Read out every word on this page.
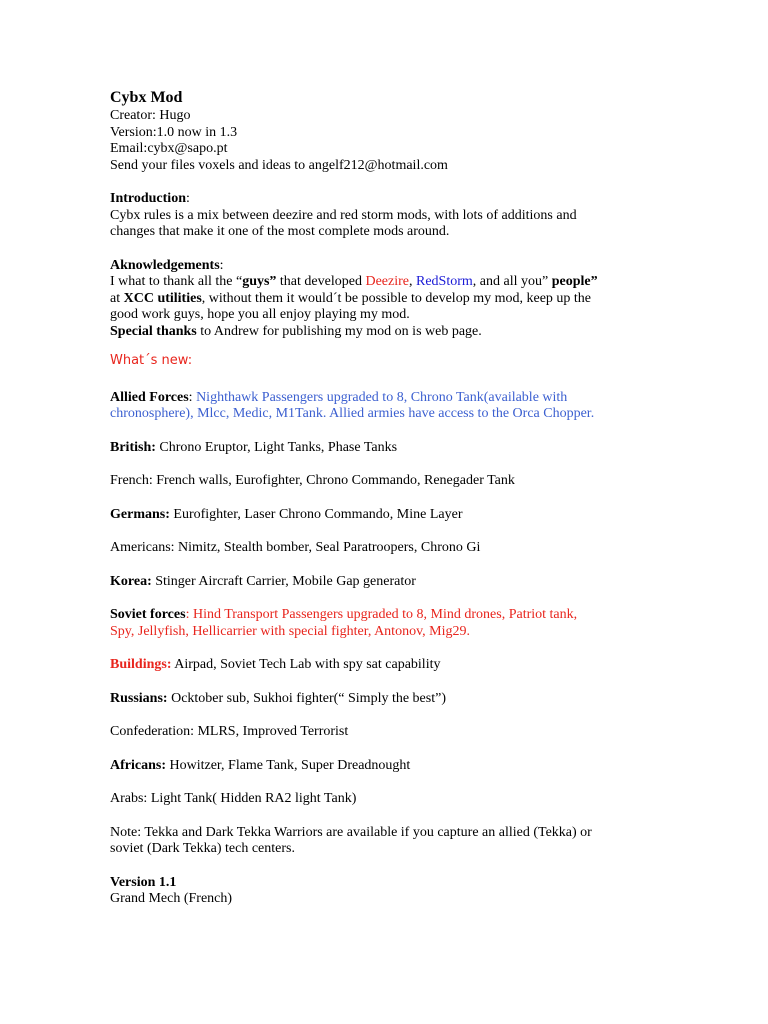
Cybx Mod
Creator: Hugo
Version:1.0 now in 1.3
Email:cybx@sapo.pt
Send your files voxels and ideas to angelf212@hotmail.com
Introduction:
Cybx rules is a mix between deezire and red storm mods, with lots of additions and
changes that make it one of the most complete mods around.
Aknowledgements:
I what to thank all the “guys” that developed Deezire, RedStorm, and all you” people”
at XCC utilities, without them it would´t be possible to develop my mod, keep up the
good work guys, hope you all enjoy playing my mod.
Special thanks to Andrew for publishing my mod on is web page.
What´s new:
Allied Forces: Nighthawk Passengers upgraded to 8, Chrono Tank(available with
chronosphere), Mlcc, Medic, M1Tank. Allied armies have access to the Orca Chopper.
British: Chrono Eruptor, Light Tanks, Phase Tanks
French: French walls, Eurofighter, Chrono Commando, Renegader Tank
Germans: Eurofighter, Laser Chrono Commando, Mine Layer
Americans: Nimitz, Stealth bomber, Seal Paratroopers, Chrono Gi
Korea: Stinger Aircraft Carrier, Mobile Gap generator
Soviet forces: Hind Transport Passengers upgraded to 8, Mind drones, Patriot tank,
Spy, Jellyfish, Hellicarrier with special fighter, Antonov, Mig29.
Buildings: Airpad, Soviet Tech Lab with spy sat capability
Russians: Ocktober sub, Sukhoi fighter(“ Simply the best”)
Confederation: MLRS, Improved Terrorist
Africans: Howitzer, Flame Tank, Super Dreadnought
Arabs: Light Tank( Hidden RA2 light Tank)
Note: Tekka and Dark Tekka Warriors are available if you capture an allied (Tekka) or
soviet (Dark Tekka) tech centers.
Version 1.1
Grand Mech (French)
